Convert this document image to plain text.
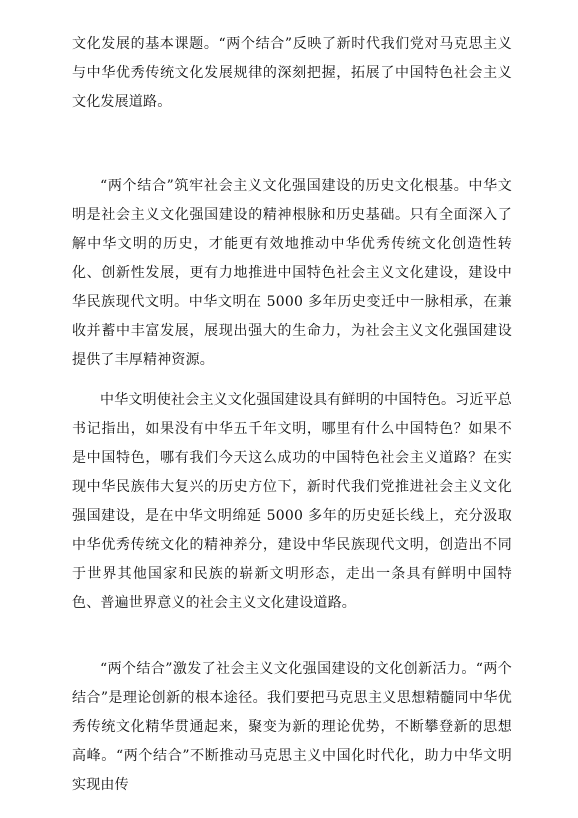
文化发展的基本课题。“两个结合”反映了新时代我们党对马克思主义与中华优秀传统文化发展规律的深刻把握，拓展了中国特色社会主义文化发展道路。

“两个结合”筑牢社会主义文化强国建设的历史文化根基。中华文明是社会主义文化强国建设的精神根脉和历史基础。只有全面深入了解中华文明的历史，才能更有效地推动中华优秀传统文化创造性转化、创新性发展，更有力地推进中国特色社会主义文化建设，建设中华民族现代文明。中华文明在 5000 多年历史变迁中一脉相承，在兼收并蓄中丰富发展，展现出强大的生命力，为社会主义文化强国建设提供了丰厚精神资源。

中华文明使社会主义文化强国建设具有鲜明的中国特色。习近平总书记指出，如果没有中华五千年文明，哪里有什么中国特色？如果不是中国特色，哪有我们今天这么成功的中国特色社会主义道路？在实现中华民族伟大复兴的历史方位下，新时代我们党推进社会主义文化强国建设，是在中华文明绵延 5000 多年的历史延长线上，充分汲取中华优秀传统文化的精神养分，建设中华民族现代文明，创造出不同于世界其他国家和民族的崭新文明形态，走出一条具有鲜明中国特色、普遍世界意义的社会主义文化建设道路。

“两个结合”激发了社会主义文化强国建设的文化创新活力。“两个结合”是理论创新的根本途径。我们要把马克思主义思想精髓同中华优秀传统文化精华贯通起来，聚变为新的理论优势，不断攀登新的思想高峰。“两个结合”不断推动马克思主义中国化时代化，助力中华文明实现由传
